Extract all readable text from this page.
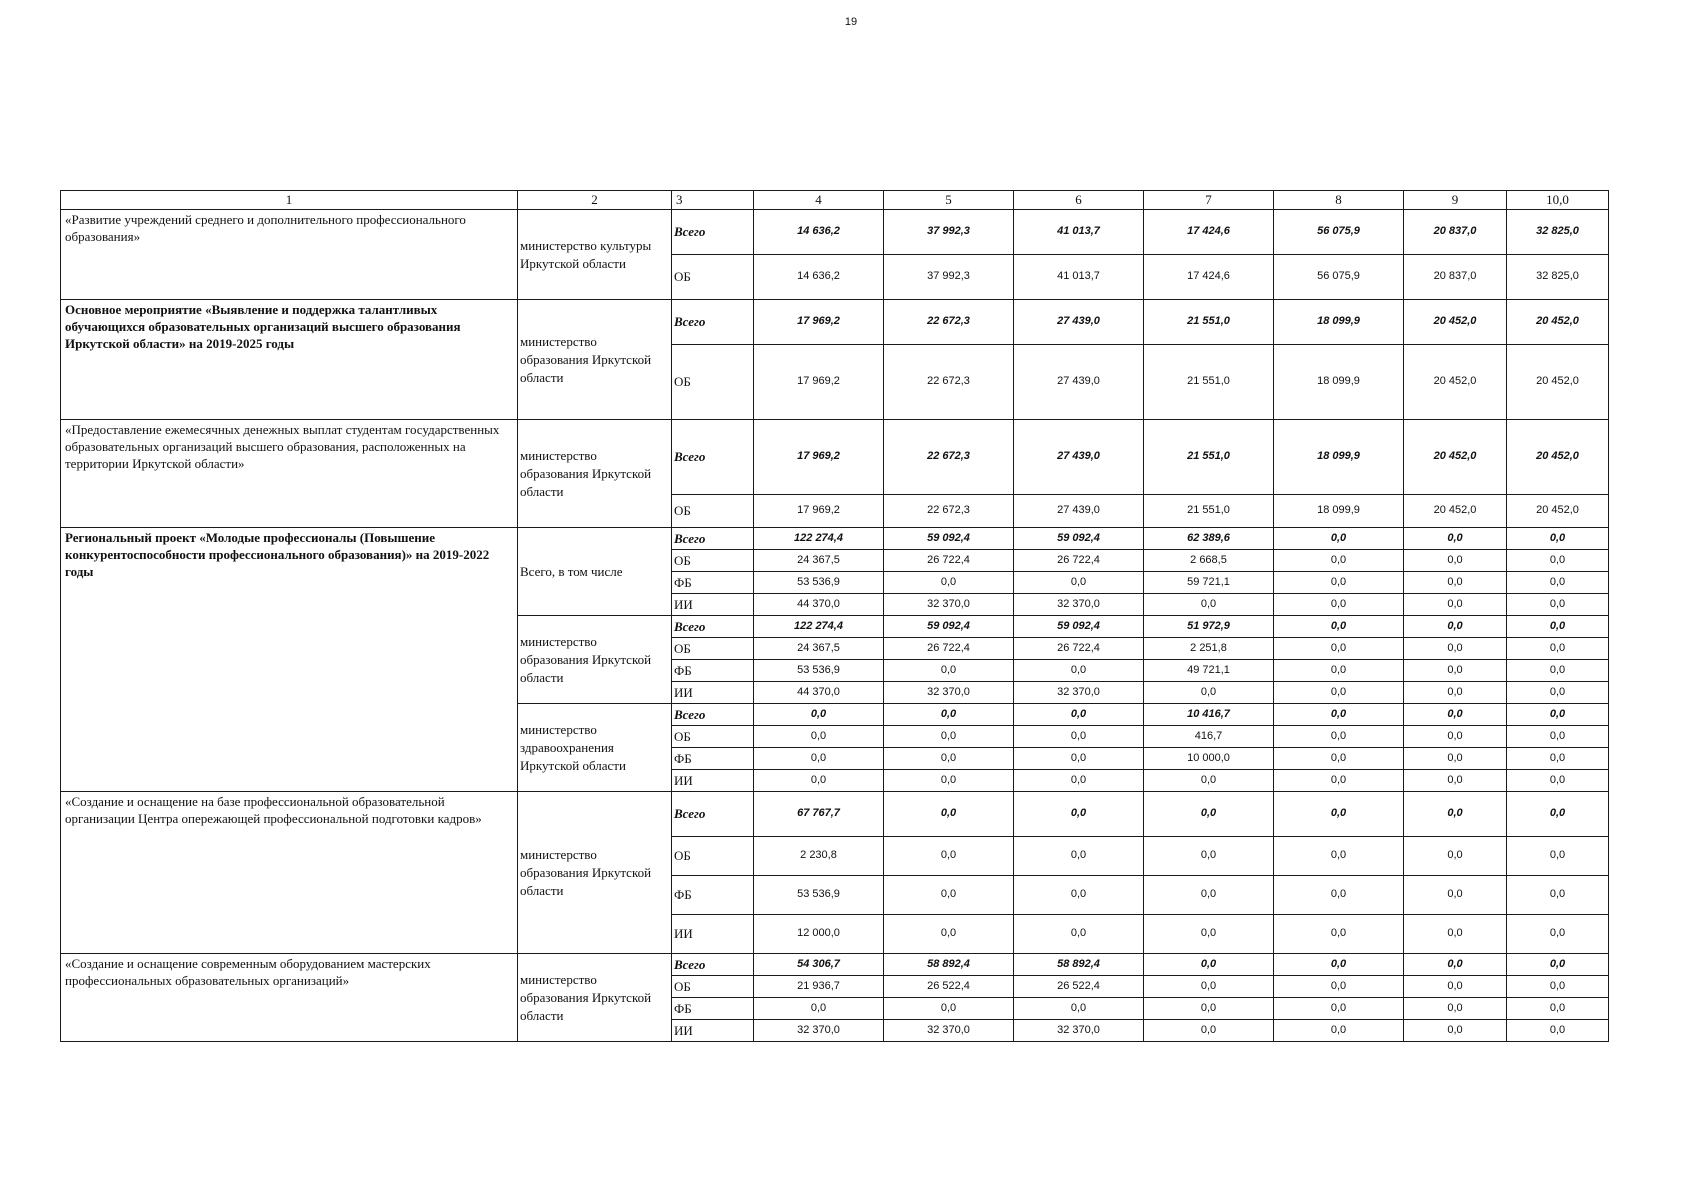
19
1	2	3	4	5	6	7	8	9	10,0
«Развитие учреждений среднего и дополнительного профессионального образования»	министерство культуры Иркутской области	Всего	14 636,2	37 992,3	41 013,7	17 424,6	56 075,9	20 837,0	32 825,0
		ОБ	14 636,2	37 992,3	41 013,7	17 424,6	56 075,9	20 837,0	32 825,0
Основное мероприятие «Выявление и поддержка талантливых обучающихся образовательных организаций высшего образования Иркутской области» на 2019-2025 годы	министерство образования Иркутской области	Всего	17 969,2	22 672,3	27 439,0	21 551,0	18 099,9	20 452,0	20 452,0
		ОБ	17 969,2	22 672,3	27 439,0	21 551,0	18 099,9	20 452,0	20 452,0
«Предоставление ежемесячных денежных выплат студентам государственных образовательных организаций высшего образования, расположенных на территории Иркутской области»	министерство образования Иркутской области	Всего	17 969,2	22 672,3	27 439,0	21 551,0	18 099,9	20 452,0	20 452,0
		ОБ	17 969,2	22 672,3	27 439,0	21 551,0	18 099,9	20 452,0	20 452,0
Региональный проект «Молодые профессионалы (Повышение конкурентоспособности профессионального образования)» на 2019-2022 годы	Всего, в том числе	Всего	122 274,4	59 092,4	59 092,4	62 389,6	0,0	0,0	0,0
		ОБ	24 367,5	26 722,4	26 722,4	2 668,5	0,0	0,0	0,0
		ФБ	53 536,9	0,0	0,0	59 721,1	0,0	0,0	0,0
		ИИ	44 370,0	32 370,0	32 370,0	0,0	0,0	0,0	0,0
	министерство образования Иркутской области	Всего	122 274,4	59 092,4	59 092,4	51 972,9	0,0	0,0	0,0
		ОБ	24 367,5	26 722,4	26 722,4	2 251,8	0,0	0,0	0,0
		ФБ	53 536,9	0,0	0,0	49 721,1	0,0	0,0	0,0
		ИИ	44 370,0	32 370,0	32 370,0	0,0	0,0	0,0	0,0
	министерство здравоохранения Иркутской области	Всего	0,0	0,0	0,0	10 416,7	0,0	0,0	0,0
		ОБ	0,0	0,0	0,0	416,7	0,0	0,0	0,0
		ФБ	0,0	0,0	0,0	10 000,0	0,0	0,0	0,0
		ИИ	0,0	0,0	0,0	0,0	0,0	0,0	0,0
«Создание и оснащение на базе профессиональной образовательной организации Центра опережающей профессиональной подготовки кадров»	министерство образования Иркутской области	Всего	67 767,7	0,0	0,0	0,0	0,0	0,0	0,0
		ОБ	2 230,8	0,0	0,0	0,0	0,0	0,0	0,0
		ФБ	53 536,9	0,0	0,0	0,0	0,0	0,0	0,0
		ИИ	12 000,0	0,0	0,0	0,0	0,0	0,0	0,0
«Создание и оснащение современным оборудованием мастерских профессиональных образовательных организаций»	министерство образования Иркутской области	Всего	54 306,7	58 892,4	58 892,4	0,0	0,0	0,0	0,0
		ОБ	21 936,7	26 522,4	26 522,4	0,0	0,0	0,0	0,0
		ФБ	0,0	0,0	0,0	0,0	0,0	0,0	0,0
		ИИ	32 370,0	32 370,0	32 370,0	0,0	0,0	0,0	0,0
